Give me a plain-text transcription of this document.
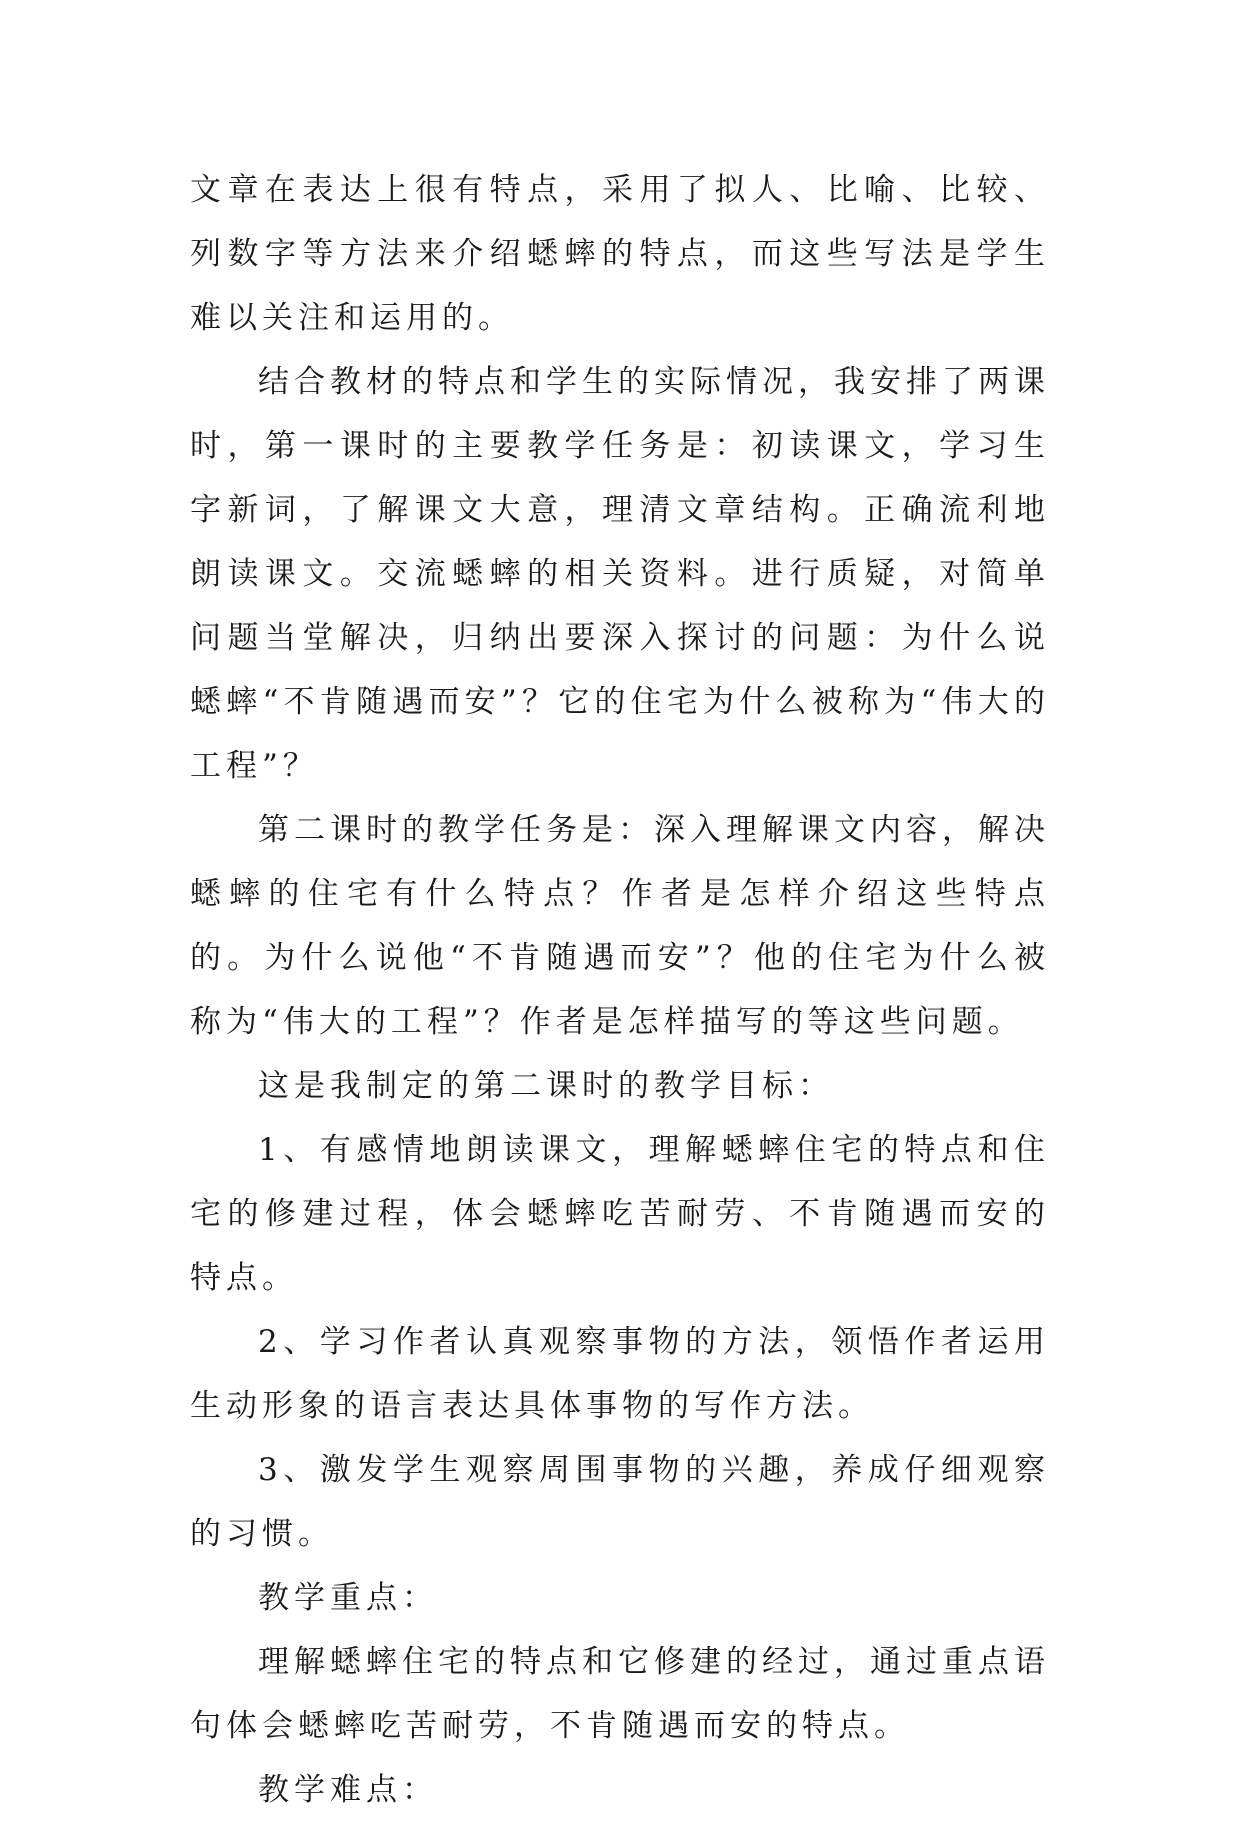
文章在表达上很有特点，采用了拟人、比喻、比较、列数字等方法来介绍蟋蟀的特点，而这些写法是学生难以关注和运用的。

结合教材的特点和学生的实际情况，我安排了两课时，第一课时的主要教学任务是：初读课文，学习生字新词，了解课文大意，理清文章结构。正确流利地朗读课文。交流蟋蟀的相关资料。进行质疑，对简单问题当堂解决，归纳出要深入探讨的问题：为什么说蟋蟀“不肯随遇而安”？它的住宅为什么被称为“伟大的工程”？

第二课时的教学任务是：深入理解课文内容，解决蟋蟀的住宅有什么特点？作者是怎样介绍这些特点的。为什么说他“不肯随遇而安”？他的住宅为什么被称为“伟大的工程”？作者是怎样描写的等这些问题。

这是我制定的第二课时的教学目标：

1、有感情地朗读课文，理解蟋蟀住宅的特点和住宅的修建过程，体会蟋蟀吃苦耐劳、不肯随遇而安的特点。

2、学习作者认真观察事物的方法，领悟作者运用生动形象的语言表达具体事物的写作方法。

3、激发学生观察周围事物的兴趣，养成仔细观察的习惯。

教学重点：

理解蟋蟀住宅的特点和它修建的经过，通过重点语句体会蟋蟀吃苦耐劳，不肯随遇而安的特点。

教学难点：
